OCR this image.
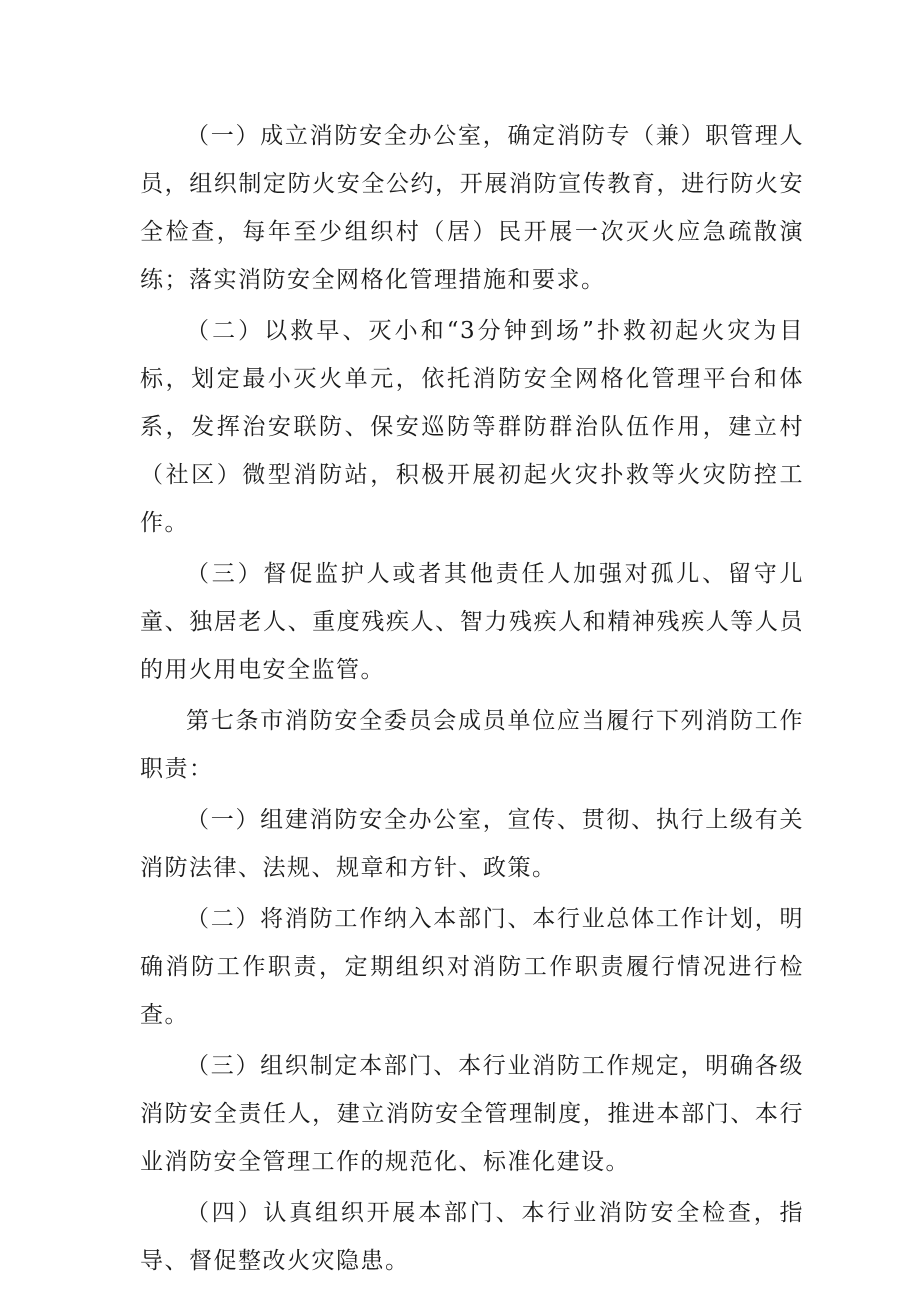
（一）成立消防安全办公室，确定消防专（兼）职管理人员，组织制定防火安全公约，开展消防宣传教育，进行防火安全检查，每年至少组织村（居）民开展一次灭火应急疏散演练；落实消防安全网格化管理措施和要求。

（二）以救早、灭小和“3分钟到场”扑救初起火灾为目标，划定最小灭火单元，依托消防安全网格化管理平台和体系，发挥治安联防、保安巡防等群防群治队伍作用，建立村（社区）微型消防站，积极开展初起火灾扑救等火灾防控工作。

（三）督促监护人或者其他责任人加强对孤儿、留守儿童、独居老人、重度残疾人、智力残疾人和精神残疾人等人员的用火用电安全监管。

第七条市消防安全委员会成员单位应当履行下列消防工作职责：

（一）组建消防安全办公室，宣传、贯彻、执行上级有关消防法律、法规、规章和方针、政策。

（二）将消防工作纳入本部门、本行业总体工作计划，明确消防工作职责，定期组织对消防工作职责履行情况进行检查。

（三）组织制定本部门、本行业消防工作规定，明确各级消防安全责任人，建立消防安全管理制度，推进本部门、本行业消防安全管理工作的规范化、标准化建设。

（四）认真组织开展本部门、本行业消防安全检查，指导、督促整改火灾隐患。
